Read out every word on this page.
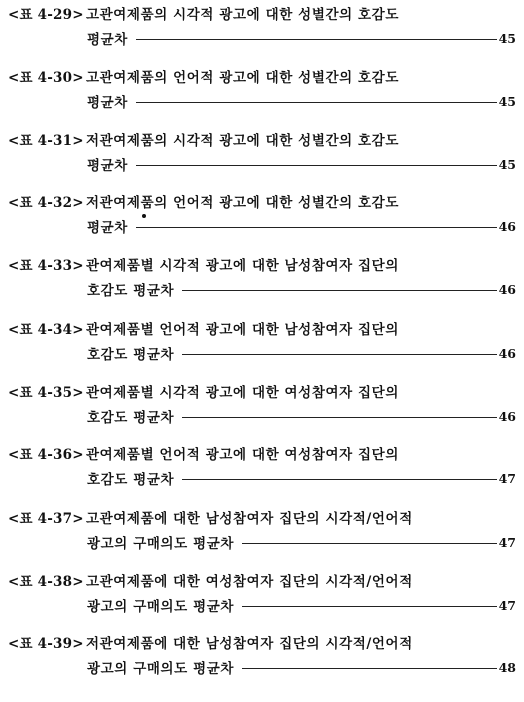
<표 4-29> 고관여제품의 시각적 광고에 대한 성별간의 호감도
평균차	45
<표 4-30> 고관여제품의 언어적 광고에 대한 성별간의 호감도
평균차	45
<표 4-31> 저관여제품의 시각적 광고에 대한 성별간의 호감도
평균차	45
<표 4-32> 저관여제품의 언어적 광고에 대한 성별간의 호감도
평균차	46
<표 4-33> 관여제품별 시각적 광고에 대한 남성참여자 집단의
호감도 평균차	46
<표 4-34> 관여제품별 언어적 광고에 대한 남성참여자 집단의
호감도 평균차	46
<표 4-35> 관여제품별 시각적 광고에 대한 여성참여자 집단의
호감도 평균차	46
<표 4-36> 관여제품별 언어적 광고에 대한 여성참여자 집단의
호감도 평균차	47
<표 4-37> 고관여제품에 대한 남성참여자 집단의 시각적/언어적
광고의 구매의도 평균차	47
<표 4-38> 고관여제품에 대한 여성참여자 집단의 시각적/언어적
광고의 구매의도 평균차	47
<표 4-39> 저관여제품에 대한 남성참여자 집단의 시각적/언어적
광고의 구매의도 평균차	48
